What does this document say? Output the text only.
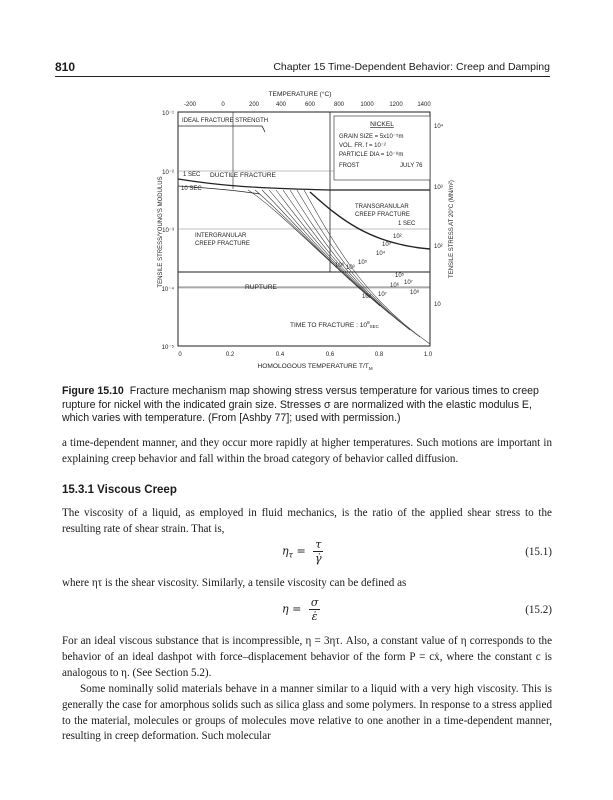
810	Chapter 15 Time-Dependent Behavior: Creep and Damping
TEMPERATURE (°C)
-200	0	200	400	600	800	1000	1200 1400
0	0.2	0.4	0.6	0.8	1.0
HOMOLOGOUS TEMPERATURE $T/T_M$
10⁻¹
10⁻²
10⁻³
10⁻⁴
10⁻⁵
TENSILE STRESS/YOUNG'S MODULUS
10⁴
10³
10²
10
TENSILE STRESS AT 20°C (MN/m²)
IDEAL FRACTURE STRENGTH
1 SEC
10 SEC
DUCTILE FRACTURE
RUPTURE
INTERGRANULAR
CREEP FRACTURE
TRANSGRANULAR
CREEP FRACTURE
1 SEC
10²
10³
10⁴
10⁵
10⁶
10⁵
10⁶
10⁷
10⁴
10⁷
10⁸
10³
TIME TO FRACTURE : $10^8_{SEC}$
NICKEL
GRAIN SIZE = 5x10⁻⁵m
VOL. FR. f = 10⁻²
PARTICLE DIA = 10⁻⁸m
FROST	JULY 76
Figure 15.10 Fracture mechanism map showing stress versus temperature for various times to creep rupture for nickel with the indicated grain size. Stresses σ are normalized with the elastic modulus E, which varies with temperature. (From [Ashby 77]; used with permission.)

a time-dependent manner, and they occur more rapidly at higher temperatures. Such motions are important in explaining creep behavior and fall within the broad category of behavior called diffusion.

15.3.1 Viscous Creep

The viscosity of a liquid, as employed in fluid mechanics, is the ratio of the applied shear stress to the resulting rate of shear strain. That is,

$\eta_\tau = \frac{\tau}{\gammȧ}$	(15.1)

where ητ is the shear viscosity. Similarly, a tensile viscosity can be defined as

$\eta = \frac{\sigma}{\varepsiloṅ}$	(15.2)

For an ideal viscous substance that is incompressible, η = 3ητ. Also, a constant value of η corresponds to the behavior of an ideal dashpot with force–displacement behavior of the form P = cẋ, where the constant c is analogous to η. (See Section 5.2).

Some nominally solid materials behave in a manner similar to a liquid with a very high viscosity. This is generally the case for amorphous solids such as silica glass and some polymers. In response to a stress applied to the material, molecules or groups of molecules move relative to one another in a time-dependent manner, resulting in creep deformation. Such molecular
